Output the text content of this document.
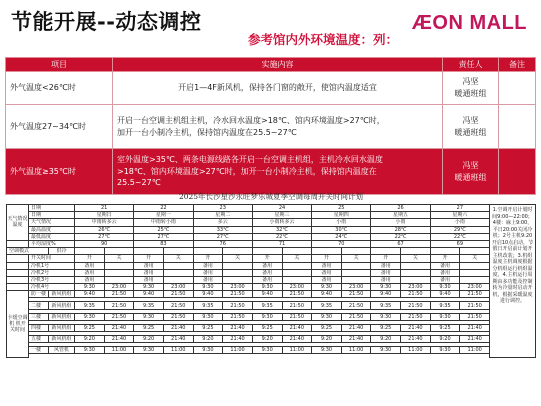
节能开展--动态调控
参考馆内外环境温度：列：
ÆON MALL
项目	实施内容	责任人	备注
外气温度<26℃时	开启1—4F新风机，保持各门窗的敞开，使馆内温度适宜	冯坚
暖通班组	
外气温度27~34℃时	开启一台空调主机组主机，冷水回水温度>18℃、馆内环境温度>27℃时，
加开一台小制冷主机，保持馆内温度在25.5~27℃	冯坚
暖通班组	
外气温度≥35℃时	室外温度>35℃、两条电源线路各开启一台空调主机组，主机冷水回水温度
>18℃、馆内环境温度>27℃时，加开一台小制冷主机，保持馆内温度在
25.5~27℃	冯坚
暖通班组	
2025年长沙星沙永旺梦乐城夏季空调每周开关时间计划
天气情况温度	日期		21		22		23		24		25		26		27		1.空调开启计划时间9:00—22:00；4楼：麻上9:00，平日20:00关闭冷机；2号主机9:20开启10点启动，节假日开启前计划开主机改装；3.机组温度主机调度根据分机组运行机组温度，4.主机运行周期由多功能及控制转为冷量时启动开机，根据采暖温度进行调控。
	日期		星期日		星期一		星期二		星期三		星期四		星期五		星期六		
	天气情况		中雨转多云		中雨转小雨		多云		小雨转多云		小雨		小雨		小雨		
	最高温度		26℃		25℃		33℃		32℃		30℃		28℃		29℃		
	最低温度		27℃		27℃		27℃		22℃		24℃		22℃		22℃		
	平均湿度%		90		83		76		71		70		67		69		
空调模式		供冷															
	开关时间		开	关	开	关	开	关	开	关	开	关	开	关	开	关	
	冷机1号		备用		备用		备用		备用		备用		备用		备用		
	冷机2号		备用		备用		备用		备用		备用		备用		备用		
	冷机3号		备用		备用		备用		备用		备用		备用		备用		
	冷机4号		9:30	23:00	9:30	23:00	9:30	23:00	9:30	23:00	9:30	23:00	9:30	23:00	9:30	23:00	
卡缓空调机 机开关时间	防一楼	新风机组	9:40	21:50	9:40	21:50	9:40	21:50	9:40	21:50	9:40	21:50	9:40	21:50	9:40	21:50	

	二楼	新风机组	9:35	21:50	9:35	21:50	9:35	21:50	9:35	21:50	9:35	21:50	9:35	21:50	9:35	21:50	

	三楼	新风机组	9:30	21:50	9:30	21:50	9:30	21:50	9:30	21:50	9:30	21:50	9:30	21:50	9:30	21:50	

	四楼	新风机组	9:25	21:40	9:25	21:40	9:25	21:40	9:25	21:40	9:25	21:40	9:25	21:40	9:25	21:40	

	五楼	新风机组	9:20	21:40	9:20	21:40	9:20	21:40	9:20	21:40	9:20	21:40	9:20	21:40	9:20	21:40	

	一楼	风管机	9:30	11:00	9:30	11:00	9:30	11:00	9:30	11:00	9:30	11:00	9:30	11:00	9:30	11:00	
